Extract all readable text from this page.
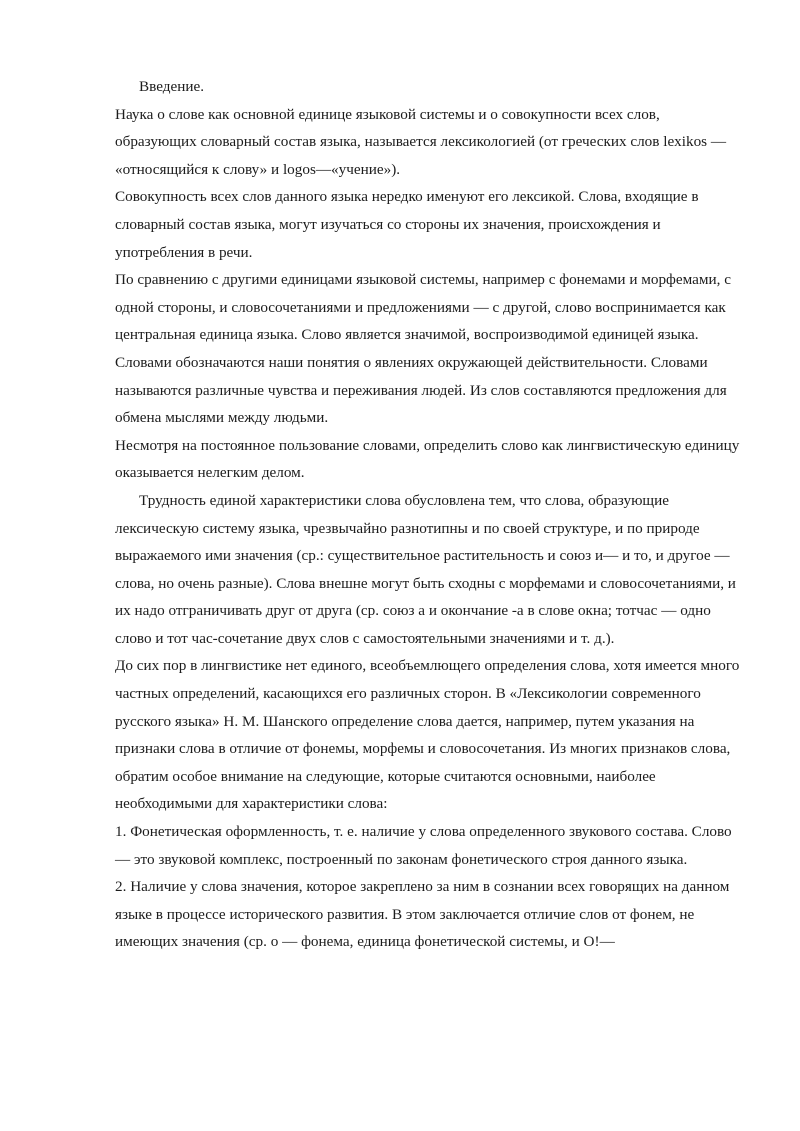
Введение.

Наука о слове как основной единице языковой системы и о совокупности всех слов, образующих словарный состав языка, называется лексикологией (от греческих слов lexikos — «относящийся к слову» и logos—«учение»).

Совокупность всех слов данного языка нередко именуют его лексикой. Слова, входящие в словарный состав языка, могут изучаться со стороны их значения, происхождения и употребления в речи.

По сравнению с другими единицами языковой системы, например с фонемами и морфемами, с одной стороны, и словосочетаниями и предложениями — с другой, слово воспринимается как центральная единица языка. Слово является значимой, воспроизводимой единицей языка.

Словами обозначаются наши понятия о явлениях окружающей действительности. Словами называются различные чувства и переживания людей. Из слов составляются предложения для обмена мыслями между людьми.

Несмотря на постоянное пользование словами, определить слово как лингвистическую единицу оказывается нелегким делом.

Трудность единой характеристики слова обусловлена тем, что слова, образующие лексическую систему языка, чрезвычайно разнотипны и по своей структуре, и по природе выражаемого ими значения (ср.: существительное растительность и союз и— и то, и другое — слова, но очень разные). Слова внешне могут быть сходны с морфемами и словосочетаниями, и их надо отграничивать друг от друга (ср. союз а и окончание -а в слове окна; тотчас — одно слово и тот час-сочетание двух слов с самостоятельными значениями и т. д.).

До сих пор в лингвистике нет единого, всеобъемлющего определения слова, хотя имеется много частных определений, касающихся его различных сторон. В «Лексикологии современного русского языка» Н. М. Шанского определение слова дается, например, путем указания на признаки слова в отличие от фонемы, морфемы и словосочетания. Из многих признаков слова, обратим особое внимание на следующие, которые считаются основными, наиболее необходимыми для характеристики слова:

1. Фонетическая оформленность, т. е. наличие у слова определенного звукового состава. Слово — это звуковой комплекс, построенный по законам фонетического строя данного языка.

2. Наличие у слова значения, которое закреплено за ним в сознании всех говорящих на данном языке в процессе исторического развития. В этом заключается отличие слов от фонем, не имеющих значения (ср. о — фонема, единица фонетической системы, и О!—
